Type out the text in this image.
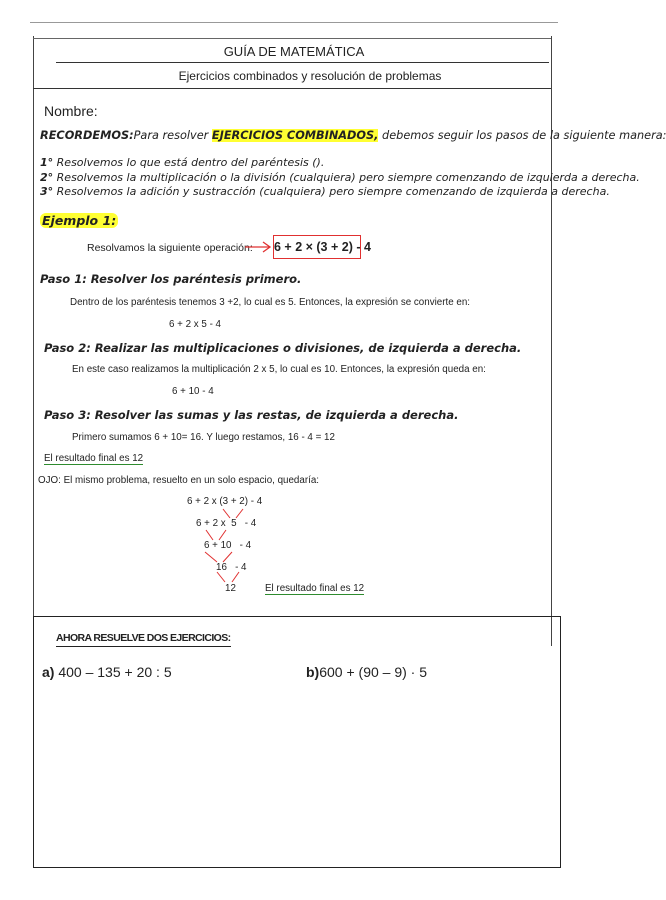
GUÍA DE MATEMÁTICA
Ejercicios combinados y resolución de problemas
Nombre:
RECORDEMOS:Para resolver EJERCICIOS COMBINADOS, debemos seguir los pasos de la siguiente manera:
1° Resolvemos lo que está dentro del paréntesis ().
2° Resolvemos la multiplicación o la división (cualquiera) pero siempre comenzando de izquierda a derecha.
3° Resolvemos la adición y sustracción (cualquiera) pero siempre comenzando de izquierda a derecha.
Ejemplo 1:
Resolvamos la siguiente operación: 6 + 2 × (3 + 2) - 4
Paso 1: Resolver los paréntesis primero.
Dentro de los paréntesis tenemos 3 +2, lo cual es 5. Entonces, la expresión se convierte en:
6 + 2 x 5 - 4
Paso 2: Realizar las multiplicaciones o divisiones, de izquierda a derecha.
En este caso realizamos la multiplicación 2 x 5, lo cual es 10. Entonces, la expresión queda en:
6 + 10 - 4
Paso 3: Resolver las sumas y las restas, de izquierda a derecha.
Primero sumamos 6 + 10= 16. Y luego restamos, 16 - 4 = 12
El resultado final es 12
OJO: El mismo problema, resuelto en un solo espacio, quedaría:
6 + 2 x (3 + 2) - 4
6 + 2 x  5   - 4
6 + 10   - 4
16   - 4
12	El resultado final es 12
AHORA RESUELVE DOS EJERCICIOS:
a) 400 – 135 + 20 : 5	b)600 + (90 – 9) · 5
